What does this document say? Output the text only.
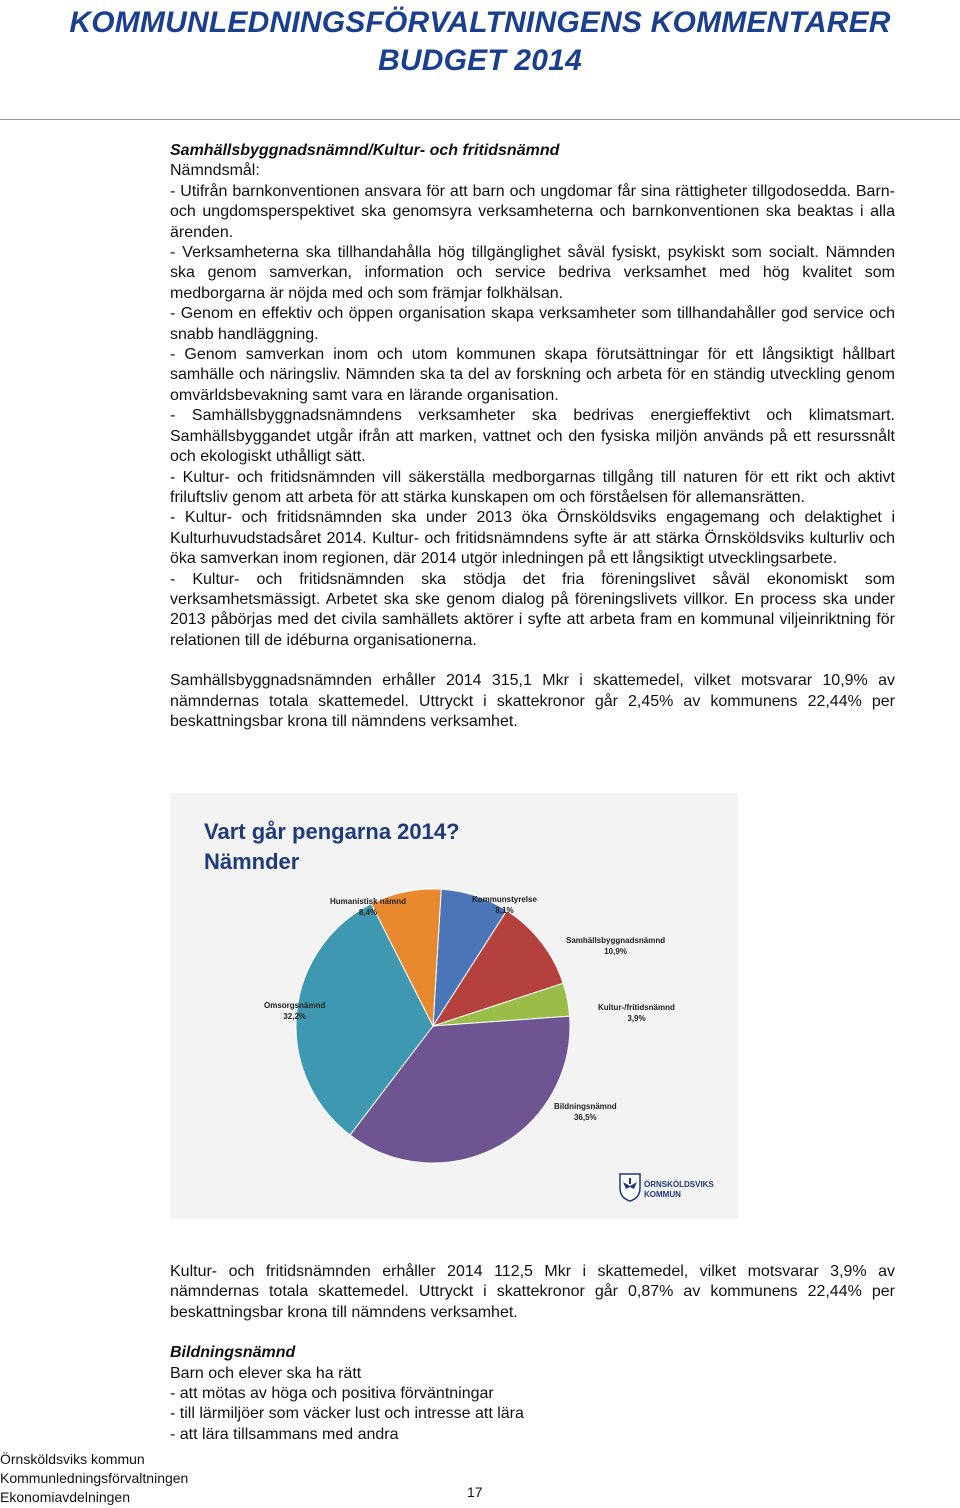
KOMMUNLEDNINGSFÖRVALTNINGENS KOMMENTARER
BUDGET 2014

Samhällsbyggnadsnämnd/Kultur- och fritidsnämnd

Nämndsmål:

- Utifrån barnkonventionen ansvara för att barn och ungdomar får sina rättigheter tillgodosedda. Barn- och ungdomsperspektivet ska genomsyra verksamheterna och barnkonventionen ska beaktas i alla ärenden.

- Verksamheterna ska tillhandahålla hög tillgänglighet såväl fysiskt, psykiskt som socialt. Nämnden ska genom samverkan, information och service bedriva verksamhet med hög kvalitet som medborgarna är nöjda med och som främjar folkhälsan.

- Genom en effektiv och öppen organisation skapa verksamheter som tillhandahåller god service och snabb handläggning.

- Genom samverkan inom och utom kommunen skapa förutsättningar för ett långsiktigt hållbart samhälle och näringsliv. Nämnden ska ta del av forskning och arbeta för en ständig utveckling genom omvärldsbevakning samt vara en lärande organisation.

- Samhällsbyggnadsnämndens verksamheter ska bedrivas energieffektivt och klimatsmart. Samhällsbyggandet utgår ifrån att marken, vattnet och den fysiska miljön används på ett resurssnålt och ekologiskt uthålligt sätt.

- Kultur- och fritidsnämnden vill säkerställa medborgarnas tillgång till naturen för ett rikt och aktivt friluftsliv genom att arbeta för att stärka kunskapen om och förståelsen för allemansrätten.

- Kultur- och fritidsnämnden ska under 2013 öka Örnsköldsviks engagemang och delaktighet i Kulturhuvudstadsåret 2014. Kultur- och fritidsnämndens syfte är att stärka Örnsköldsviks kulturliv och öka samverkan inom regionen, där 2014 utgör inledningen på ett långsiktigt utvecklingsarbete.

- Kultur- och fritidsnämnden ska stödja det fria föreningslivet såväl ekonomiskt som verksamhetsmässigt. Arbetet ska ske genom dialog på föreningslivets villkor. En process ska under 2013 påbörjas med det civila samhällets aktörer i syfte att arbeta fram en kommunal viljeinriktning för relationen till de idéburna organisationerna.

Samhällsbyggnadsnämnden erhåller 2014 315,1 Mkr i skattemedel, vilket motsvarar 10,9% av nämndernas totala skattemedel. Uttryckt i skattekronor går 2,45% av kommunens 22,44% per beskattningsbar krona till nämndens verksamhet.

Vart går pengarna 2014?
Nämnder
Humanistisk nämnd
8,4%
Kommunstyrelse
8,1%
Samhällsbyggnadsnämnd
10,9%
Kultur-/fritidsnämnd
3,9%
Omsorgsnämnd
32,2%
Bildningsnämnd
36,5%
ÖRNSKÖLDSVIKS
KOMMUN

Kultur- och fritidsnämnden erhåller 2014 112,5 Mkr i skattemedel, vilket motsvarar 3,9% av nämndernas totala skattemedel. Uttryckt i skattekronor går 0,87% av kommunens 22,44% per beskattningsbar krona till nämndens verksamhet.

Bildningsnämnd

Barn och elever ska ha rätt

- att mötas av höga och positiva förväntningar

- till lärmiljöer som väcker lust och intresse att lära

- att lära tillsammans med andra

Örnsköldsviks kommun
Kommunledningsförvaltningen
Ekonomiavdelningen	17
